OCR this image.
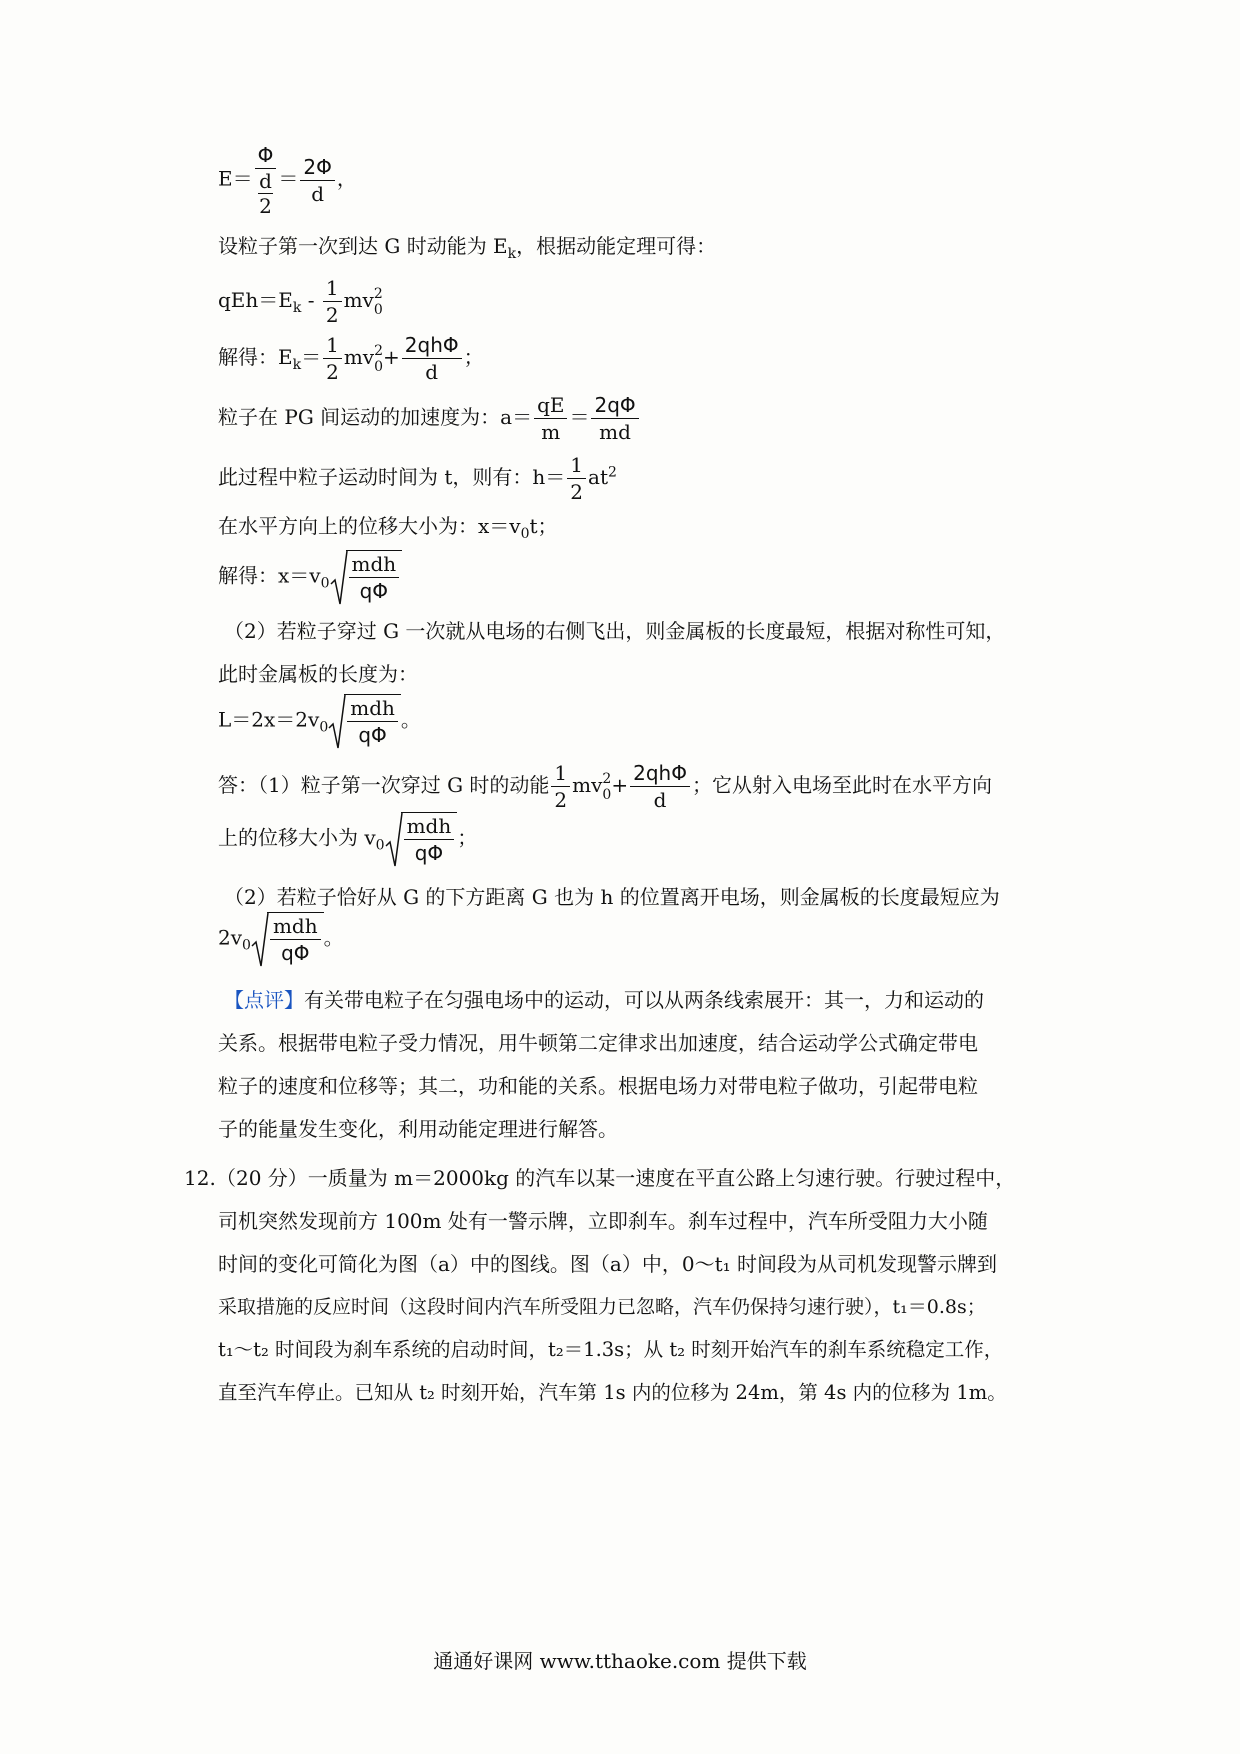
E＝ Φ
d
$2 = \frac{2\Phi}{d}$ ，
设粒子第一次到达 G 时动能为 $E_k$，根据动能定理可得：
$qEh=E_k - \frac{1}{2}$ mv 2
0
解得：$E_k= \frac{1}{2}$ mv 2
$0 + \frac{\text{2qhΦ}}{d}$ ；
粒子在 PG 间运动的加速度为：$a= \frac{qE}{m} = \frac{2q\Phi}{md}$
此过程中粒子运动时间为 t，则有：$h= \frac{1}{2} at^2$
在水平方向上的位移大小为：$x=v_0t$；
解得：$x=v_0 \frac{\text{mdh}}{q\Phi}$
（2）若粒子穿过 G 一次就从电场的右侧飞出，则金属板的长度最短，根据对称性可知，
此时金属板的长度为：
$L=2x=2v_0 \frac{\text{mdh}}{q\Phi}$ 。
答：（1）粒子第一次穿过 G 时的动能 $\frac{1}{2}$ mv 2
$0 + \frac{\text{2qhΦ}}{d}$ ；它从射入电场至此时在水平方向
上的位移大小为 $v_0 \frac{\text{mdh}}{q\Phi}$ ；
（2）若粒子恰好从 G 的下方距离 G 也为 h 的位置离开电场，则金属板的长度最短应为
$2v_0 \frac{\text{mdh}}{q\Phi}$ 。
【点评】有关带电粒子在匀强电场中的运动，可以从两条线索展开：其一，力和运动的
关系。根据带电粒子受力情况，用牛顿第二定律求出加速度，结合运动学公式确定带电
粒子的速度和位移等；其二，功和能的关系。根据电场力对带电粒子做功，引起带电粒
子的能量发生变化，利用动能定理进行解答。
12. （20 分）一质量为 m＝2000kg 的汽车以某一速度在平直公路上匀速行驶。行驶过程中，
司机突然发现前方 100m 处有一警示牌，立即刹车。刹车过程中，汽车所受阻力大小随
时间的变化可简化为图（a）中的图线。图（a）中，0～t₁ 时间段为从司机发现警示牌到
采取措施的反应时间（这段时间内汽车所受阻力已忽略，汽车仍保持匀速行驶），t₁＝0.8s；
t₁～t₂ 时间段为刹车系统的启动时间，t₂＝1.3s；从 t₂ 时刻开始汽车的刹车系统稳定工作，
直至汽车停止。已知从 t₂ 时刻开始，汽车第 1s 内的位移为 24m，第 4s 内的位移为 1m。
通通好课网 www.tthaoke.com 提供下载
